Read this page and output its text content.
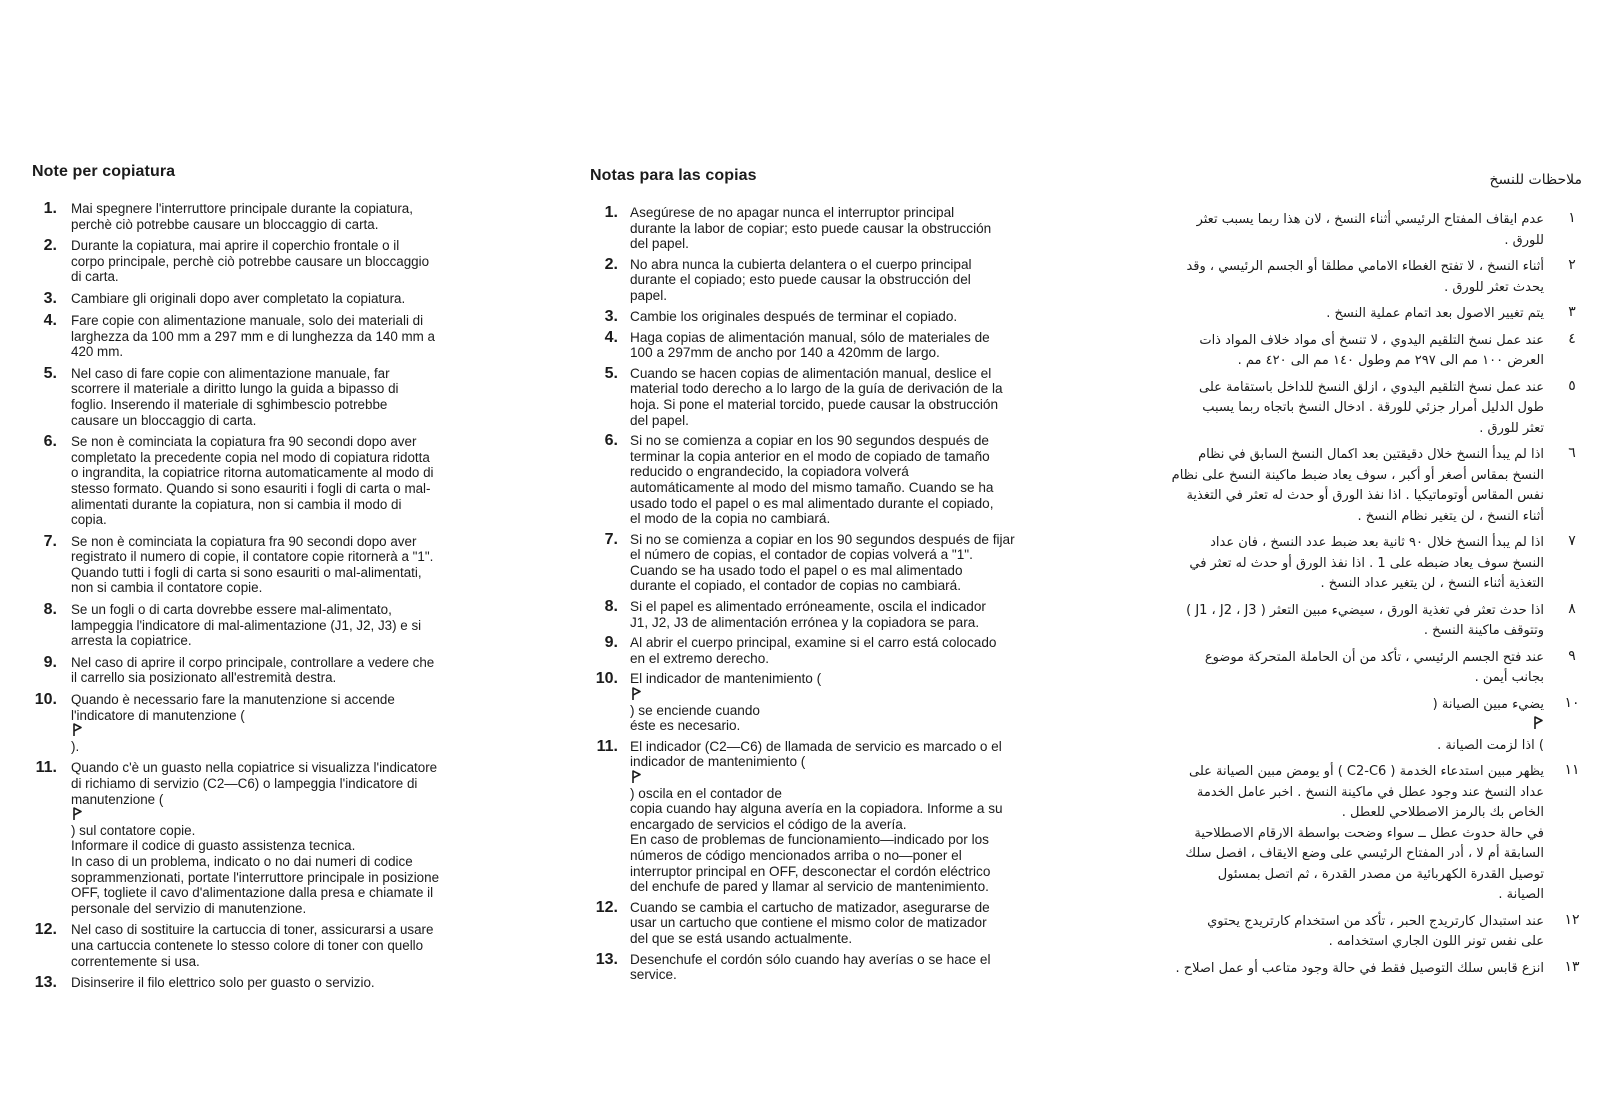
Note per copiatura
1. Mai spegnere l'interruttore principale durante la copiatura,
perchè ciò potrebbe causare un bloccaggio di carta.
2. Durante la copiatura, mai aprire il coperchio frontale o il
corpo principale, perchè ciò potrebbe causare un bloccaggio
di carta.
3. Cambiare gli originali dopo aver completato la copiatura.
4. Fare copie con alimentazione manuale, solo dei materiali di
larghezza da 100 mm a 297 mm e di lunghezza da 140 mm a
420 mm.
5. Nel caso di fare copie con alimentazione manuale, far
scorrere il materiale a diritto lungo la guida a bipasso di
foglio. Inserendo il materiale di sghimbescio potrebbe
causare un bloccaggio di carta.
6. Se non è cominciata la copiatura fra 90 secondi dopo aver
completato la precedente copia nel modo di copiatura ridotta
o ingrandita, la copiatrice ritorna automaticamente al modo di
stesso formato. Quando si sono esauriti i fogli di carta o mal-
alimentati durante la copiatura, non si cambia il modo di
copia.
7. Se non è cominciata la copiatura fra 90 secondi dopo aver
registrato il numero di copie, il contatore copie ritornerà a "1".
Quando tutti i fogli di carta si sono esauriti o mal-alimentati,
non si cambia il contatore copie.
8. Se un fogli o di carta dovrebbe essere mal-alimentato,
lampeggia l'indicatore di mal-alimentazione (J1, J2, J3) e si
arresta la copiatrice.
9. Nel caso di aprire il corpo principale, controllare a vedere che
il carrello sia posizionato all'estremità destra.
10. Quando è necessario fare la manutenzione si accende
l'indicatore di manutenzione (

).
11. Quando c'è un guasto nella copiatrice si visualizza l'indicatore
di richiamo di servizio (C2—C6) o lampeggia l'indicatore di
manutenzione (

) sul contatore copie.
Informare il codice di guasto assistenza tecnica.
In caso di un problema, indicato o no dai numeri di codice
soprammenzionati, portate l'interruttore principale in posizione
OFF, togliete il cavo d'alimentazione dalla presa e chiamate il
personale del servizio di manutenzione.
12. Nel caso di sostituire la cartuccia di toner, assicurarsi a usare
una cartuccia contenete lo stesso colore di toner con quello
correntemente si usa.
13. Disinserire il filo elettrico solo per guasto o servizio.
Notas para las copias
1. Asegúrese de no apagar nunca el interruptor principal
durante la labor de copiar; esto puede causar la obstrucción
del papel.
2. No abra nunca la cubierta delantera o el cuerpo principal
durante el copiado; esto puede causar la obstrucción del
papel.
3. Cambie los originales después de terminar el copiado.
4. Haga copias de alimentación manual, sólo de materiales de
100 a 297mm de ancho por 140 a 420mm de largo.
5. Cuando se hacen copias de alimentación manual, deslice el
material todo derecho a lo largo de la guía de derivación de la
hoja. Si pone el material torcido, puede causar la obstrucción
del papel.
6. Si no se comienza a copiar en los 90 segundos después de
terminar la copia anterior en el modo de copiado de tamaño
reducido o engrandecido, la copiadora volverá
automáticamente al modo del mismo tamaño. Cuando se ha
usado todo el papel o es mal alimentado durante el copiado,
el modo de la copia no cambiará.
7. Si no se comienza a copiar en los 90 segundos después de fijar
el número de copias, el contador de copias volverá a "1".
Cuando se ha usado todo el papel o es mal alimentado
durante el copiado, el contador de copias no cambiará.
8. Si el papel es alimentado erróneamente, oscila el indicador
J1, J2, J3 de alimentación errónea y la copiadora se para.
9. Al abrir el cuerpo principal, examine si el carro está colocado
en el extremo derecho.
10. El indicador de mantenimiento (

) se enciende cuando
éste es necesario.
11. El indicador (C2—C6) de llamada de servicio es marcado o el
indicador de mantenimiento (

) oscila en el contador de
copia cuando hay alguna avería en la copiadora. Informe a su
encargado de servicios el código de la avería.
En caso de problemas de funcionamiento—indicado por los
números de código mencionados arriba o no—poner el
interruptor principal en OFF, desconectar el cordón eléctrico
del enchufe de pared y llamar al servicio de mantenimiento.
12. Cuando se cambia el cartucho de matizador, asegurarse de
usar un cartucho que contiene el mismo color de matizador
del que se está usando actualmente.
13. Desenchufe el cordón sólo cuando hay averías o se hace el
service.
ملاحظات للنسخ
١
عدم ايقاف المفتاح الرئيسي أثناء النسخ ، لان هذا ربما يسبب تعثر
للورق .
٢
أثناء النسخ ، لا تفتح الغطاء الامامي مطلقا أو الجسم الرئيسي ، وقد
يحدث تعثر للورق .
٣
يتم تغيير الاصول بعد اتمام عملية النسخ .
٤
عند عمل نسخ التلقيم اليدوي ، لا تنسخ أى مواد خلاف المواد ذات
العرض ١٠٠ مم الى ٢٩٧ مم وطول ١٤٠ مم الى ٤٢٠ مم .
٥
عند عمل نسخ التلقيم اليدوي ، ازلق النسخ للداخل باستقامة على
طول الدليل أمرار جزئي للورقة . ادخال النسخ باتجاه ربما يسبب
تعثر للورق .
٦
اذا لم يبدأ النسخ خلال دقيقتين بعد اكمال النسخ السابق في نظام
النسخ بمقاس أصغر أو أكبر ، سوف يعاد ضبط ماكينة النسخ على نظام
نفس المقاس أوتوماتيكيا . اذا نفذ الورق أو حدث له تعثر في التغذية
أثناء النسخ ، لن يتغير نظام النسخ .
٧
اذا لم يبدأ النسخ خلال ٩٠ ثانية بعد ضبط عدد النسخ ، فان عداد
النسخ سوف يعاد ضبطه على 1 . اذا نفذ الورق أو حدث له تعثر في
التغذية أثناء النسخ ، لن يتغير عداد النسخ .
٨
اذا حدث تعثر في تغذية الورق ، سيضيء مبين التعثر ( J1 ، J2 ، J3 )
وتتوقف ماكينة النسخ .
٩
عند فتح الجسم الرئيسي ، تأكد من أن الحاملة المتحركة موضوع
بجانب أيمن .
١٠
يضيء مبين الصيانة (

) اذا لزمت الصيانة .
١١
يظهر مبين استدعاء الخدمة ( C2-C6 ) أو يومض مبين الصيانة على
عداد النسخ عند وجود عطل في ماكينة النسخ . اخبر عامل الخدمة
الخاص بك بالرمز الاصطلاحي للعطل .
في حالة حدوث عطل ــ سواء وضحت بواسطة الارقام الاصطلاحية
السابقة أم لا ، أدر المفتاح الرئيسي على وضع الايقاف ، افصل سلك
توصيل القدرة الكهربائية من مصدر القدرة ، ثم اتصل بمسئول
الصيانة .
١٢
عند استبدال كارتريدج الحبر ، تأكد من استخدام كارتريدج يحتوي
على نفس تونر اللون الجاري استخدامه .
١٣
انزع قابس سلك التوصيل فقط في حالة وجود متاعب أو عمل اصلاح .
